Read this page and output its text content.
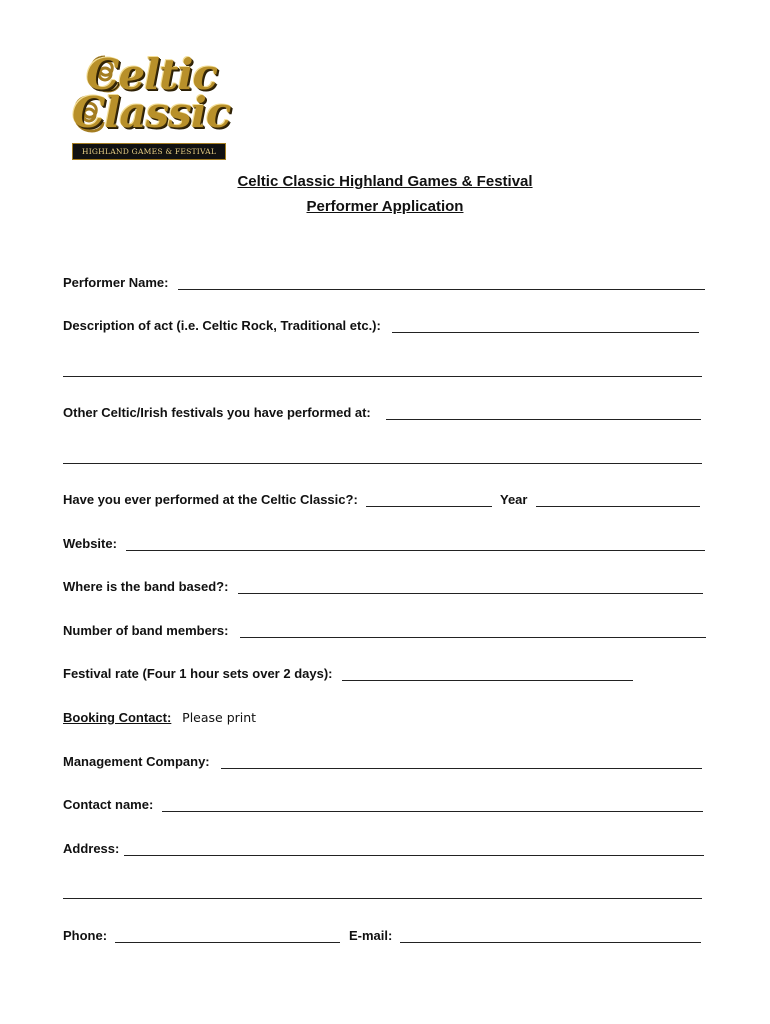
Celtic
Classic
HIGHLAND GAMES & FESTIVAL
Celtic Classic Highland Games & Festival
Performer Application
Performer Name:
Description of act (i.e. Celtic Rock, Traditional etc.):
Other Celtic/Irish festivals you have performed at:
Have you ever performed at the Celtic Classic?:	Year
Website:
Where is the band based?:
Number of band members:
Festival rate (Four 1 hour sets over 2 days):
Booking Contact: Please print
Management Company:
Contact name:
Address:
Phone:	E-mail:
